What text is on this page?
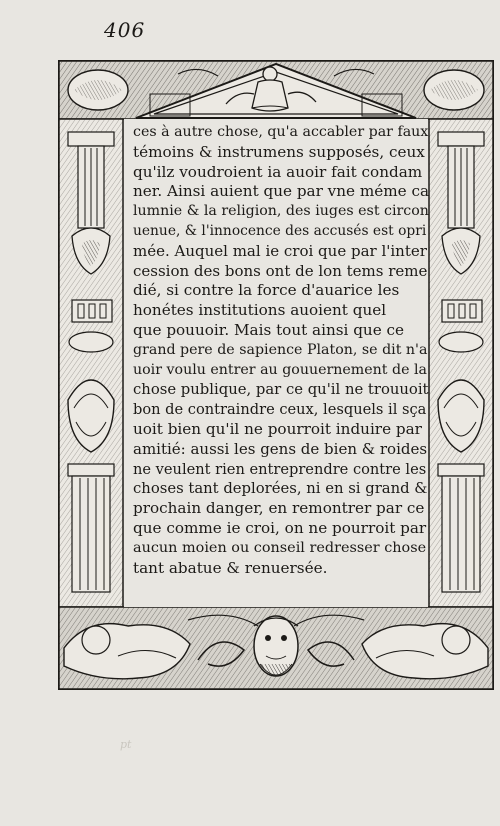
406
ces à autre chose, qu'a accabler par faux
témoins & instrumens supposés, ceux
qu'ilz voudroient ia auoir fait condam
ner. Ainsi auient que par vne méme ca
lumnie & la religion, des iuges est circon
uenue, & l'innocence des accusés est opri
mée. Auquel mal ie croi que par l'inter
cession des bons ont de lon tems reme
dié, si contre la force d'auarice les
honétes institutions auoient quel
que pouuoir. Mais tout ainsi que ce
grand pere de sapience Platon, se dit n'a
uoir voulu entrer au gouuernement de la
chose publique, par ce qu'il ne trouuoit
bon de contraindre ceux, lesquels il sça
uoit bien qu'il ne pourroit induire par
amitié: aussi les gens de bien & roides
ne veulent rien entreprendre contre les
choses tant deplorées, ni en si grand &
prochain danger, en remontrer par ce
que comme ie croi, on ne pourroit par
aucun moien ou conseil redresser chose
tant abatue & renuersée.
pt
